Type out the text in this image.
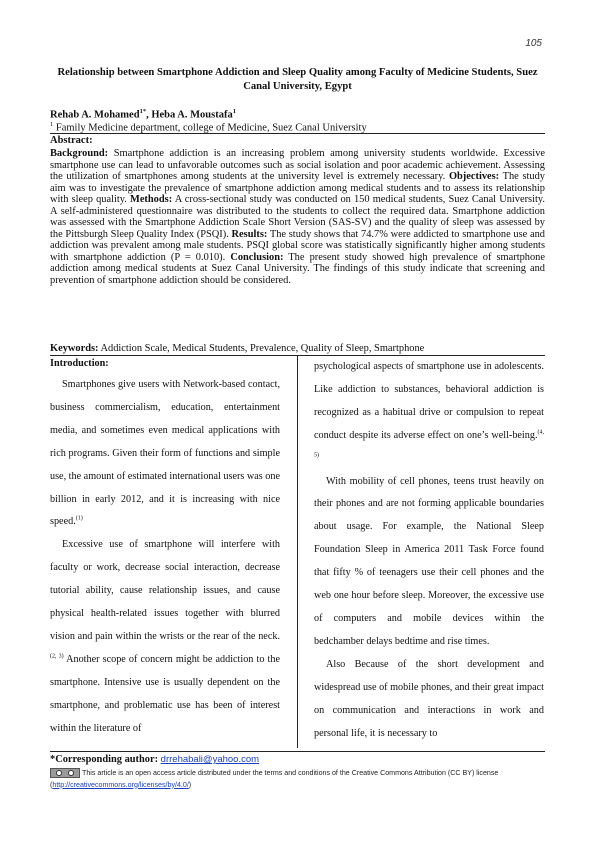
105
Relationship between Smartphone Addiction and Sleep Quality among Faculty of Medicine Students, Suez Canal University, Egypt
Rehab A. Mohamed$^{1*}$, Heba A. Moustafa$^1$
$^1$ Family Medicine department, college of Medicine, Suez Canal University
Abstract:
Background: Smartphone addiction is an increasing problem among university students worldwide. Excessive smartphone use can lead to unfavorable outcomes such as social isolation and poor academic achievement. Assessing the utilization of smartphones among students at the university level is extremely necessary. Objectives: The study aim was to investigate the prevalence of smartphone addiction among medical students and to assess its relationship with sleep quality. Methods: A cross-sectional study was conducted on 150 medical students, Suez Canal University. A self-administered questionnaire was distributed to the students to collect the required data. Smartphone addiction was assessed with the Smartphone Addiction Scale Short Version (SAS-SV) and the quality of sleep was assessed by the Pittsburgh Sleep Quality Index (PSQI). Results: The study shows that 74.7% were addicted to smartphone use and addiction was prevalent among male students. PSQI global score was statistically significantly higher among students with smartphone addiction (P = 0.010). Conclusion: The present study showed high prevalence of smartphone addiction among medical students at Suez Canal University. The findings of this study indicate that screening and prevention of smartphone addiction should be considered.
Keywords: Addiction Scale, Medical Students, Prevalence, Quality of Sleep, Smartphone

Introduction:

Smartphones give users with Network-based contact, business commercialism, education, entertainment media, and sometimes even medical applications with rich programs. Given their form of functions and simple use, the amount of estimated international users was one billion in early 2012, and it is increasing with nice speed.$^{(1)}$

Excessive use of smartphone will interfere with faculty or work, decrease social interaction, decrease tutorial ability, cause relationship issues, and cause physical health-related issues together with blurred vision and pain within the wrists or the rear of the neck.$^{(2, 3)}$ Another scope of concern might be addiction to the smartphone. Intensive use is usually dependent on the smartphone, and problematic use has been of interest within the literature of

psychological aspects of smartphone use in adolescents. Like addiction to substances, behavioral addiction is recognized as a habitual drive or compulsion to repeat conduct despite its adverse effect on one’s well-being.$^{(4, 5)}$

With mobility of cell phones, teens trust heavily on their phones and are not forming applicable boundaries about usage. For example, the National Sleep Foundation Sleep in America 2011 Task Force found that fifty % of teenagers use their cell phones and the web one hour before sleep. Moreover, the excessive use of computers and mobile devices within the bedchamber delays bedtime and rise times.

Also Because of the short development and widespread use of mobile phones, and their great impact on communication and interactions in work and personal life, it is necessary to

*Corresponding author: drrehabali@yahoo.com
This article is an open access article distributed under the terms and conditions of the Creative Commons Attribution (CC BY) license (http://creativecommons.org/licenses/by/4.0/)
